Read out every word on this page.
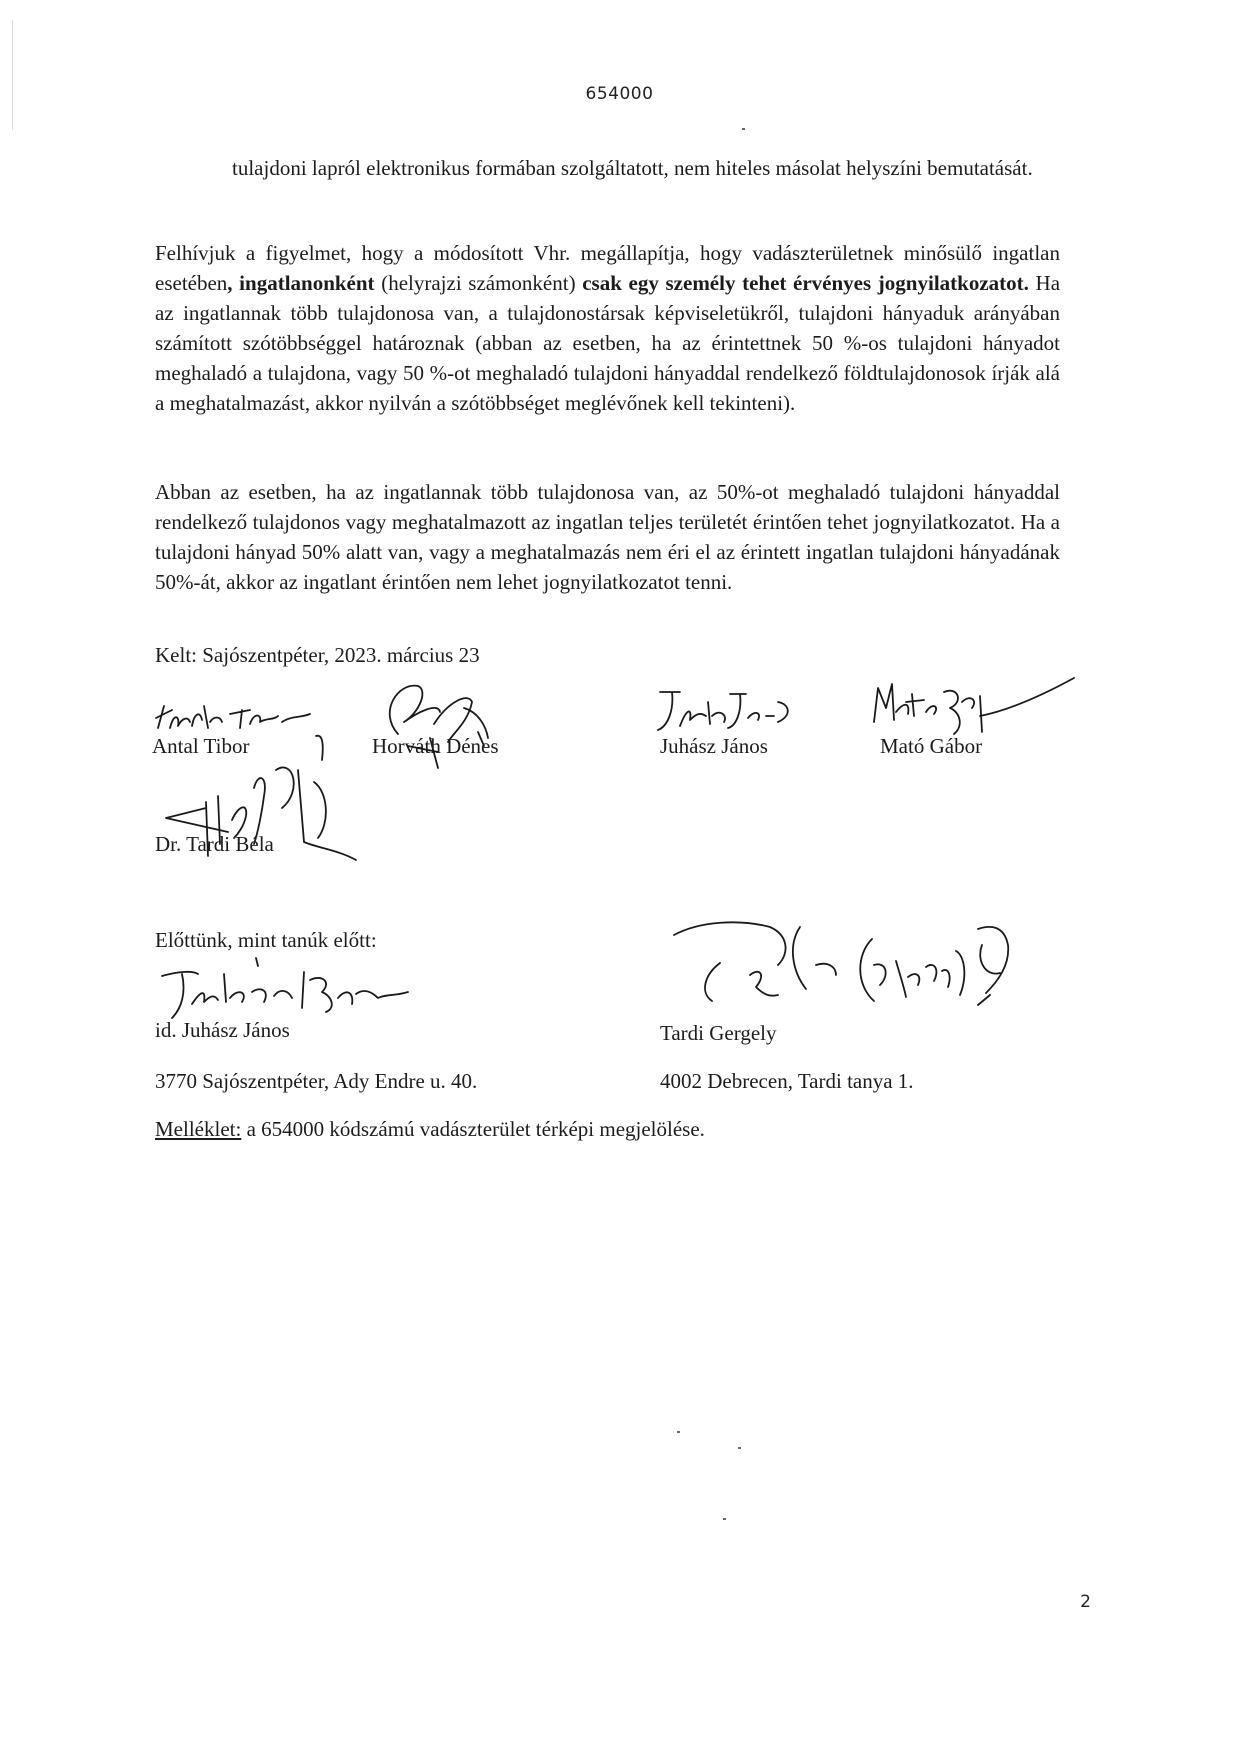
654000

tulajdoni lapról elektronikus formában szolgáltatott, nem hiteles másolat helyszíni bemutatását.

Felhívjuk a figyelmet, hogy a módosított Vhr. megállapítja, hogy vadászterületnek minősülő ingatlan esetében, ingatlanonként (helyrajzi számonként) csak egy személy tehet érvényes jognyilatkozatot. Ha az ingatlannak több tulajdonosa van, a tulajdonostársak képviseletükről, tulajdoni hányaduk arányában számított szótöbbséggel határoznak (abban az esetben, ha az érintettnek 50 %-os tulajdoni hányadot meghaladó a tulajdona, vagy 50 %-ot meghaladó tulajdoni hányaddal rendelkező földtulajdonosok írják alá a meghatalmazást, akkor nyilván a szótöbbséget meglévőnek kell tekinteni).

Abban az esetben, ha az ingatlannak több tulajdonosa van, az 50%-ot meghaladó tulajdoni hányaddal rendelkező tulajdonos vagy meghatalmazott az ingatlan teljes területét érintően tehet jognyilatkozatot. Ha a tulajdoni hányad 50% alatt van, vagy a meghatalmazás nem éri el az érintett ingatlan tulajdoni hányadának 50%-át, akkor az ingatlant érintően nem lehet jognyilatkozatot tenni.

Kelt: Sajószentpéter, 2023. március 23
Antal Tibor	Horváth Dénes	Juhász János	Mató Gábor
Dr. Tardi Béla
Előttünk, mint tanúk előtt:
id. Juhász János	Tardi Gergely
3770 Sajószentpéter, Ady Endre u. 40.	4002 Debrecen, Tardi tanya 1.
Melléklet: a 654000 kódszámú vadászterület térképi megjelölése.
2
